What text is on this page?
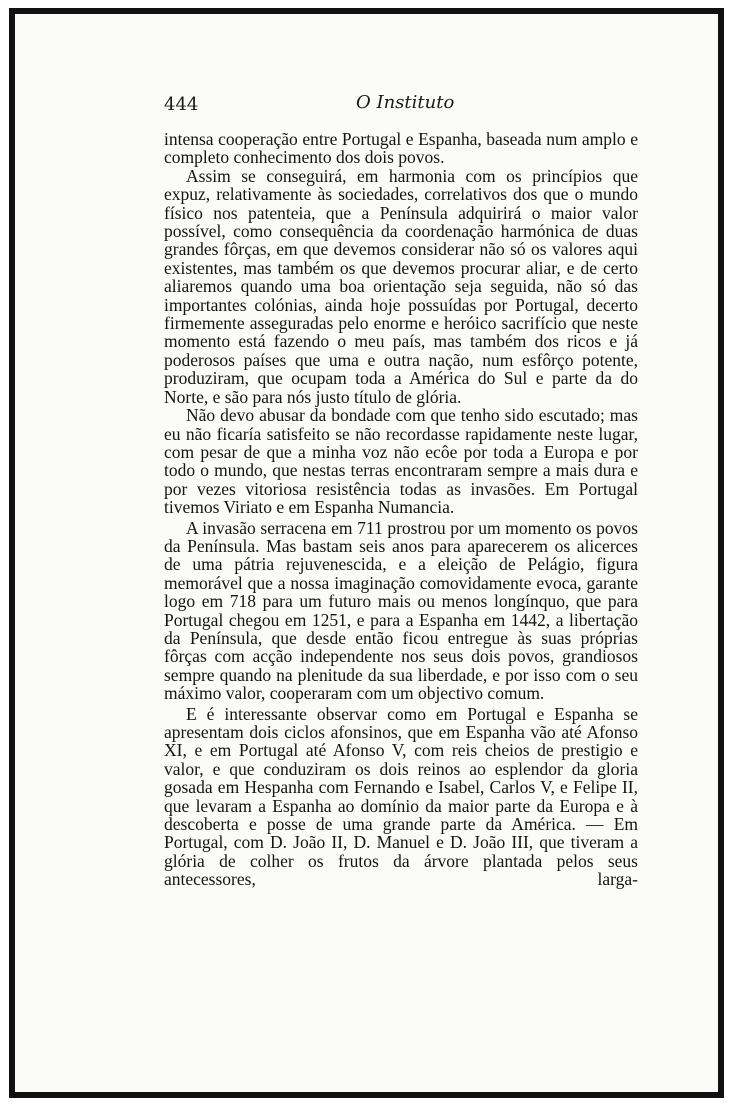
444	O Instituto

intensa cooperação entre Portugal e Espanha, baseada num amplo e completo conhecimento dos dois povos.

Assim se conseguirá, em harmonia com os princípios que expuz, relativamente às sociedades, correlativos dos que o mundo físico nos patenteia, que a Península adquirirá o maior valor possível, como consequência da coordenação harmónica de duas grandes fôrças, em que devemos considerar não só os valores aqui existentes, mas também os que devemos procurar aliar, e de certo aliaremos quando uma boa orientação seja seguida, não só das importantes colónias, ainda hoje possuídas por Portugal, decerto firmemente asseguradas pelo enorme e heróico sacrifício que neste momento está fazendo o meu país, mas também dos ricos e já poderosos países que uma e outra nação, num esfôrço potente, produziram, que ocupam toda a América do Sul e parte da do Norte, e são para nós justo título de glória.

Não devo abusar da bondade com que tenho sido escutado; mas eu não ficaría satisfeito se não recordasse rapidamente neste lugar, com pesar de que a minha voz não ecôe por toda a Europa e por todo o mundo, que nestas terras encontraram sempre a mais dura e por vezes vitoriosa resistência todas as invasões. Em Portugal tivemos Viriato e em Espanha Numancia.

A invasão serracena em 711 prostrou por um momento os povos da Península. Mas bastam seis anos para aparecerem os alicerces de uma pátria rejuvenescida, e a eleição de Pelágio, figura memorável que a nossa imaginação comovidamente evoca, garante logo em 718 para um futuro mais ou menos longínquo, que para Portugal chegou em 1251, e para a Espanha em 1442, a libertação da Península, que desde então ficou entregue às suas próprias fôrças com acção independente nos seus dois povos, grandiosos sempre quando na plenitude da sua liberdade, e por isso com o seu máximo valor, cooperaram com um objectivo comum.

E é interessante observar como em Portugal e Espanha se apresentam dois ciclos afonsinos, que em Espanha vão até Afonso XI, e em Portugal até Afonso V, com reis cheios de prestigio e valor, e que conduziram os dois reinos ao esplendor da gloria gosada em Hespanha com Fernando e Isabel, Carlos V, e Felipe II, que levaram a Espanha ao domínio da maior parte da Europa e à descoberta e posse de uma grande parte da América. — Em Portugal, com D. João II, D. Manuel e D. João III, que tiveram a glória de colher os frutos da árvore plantada pelos seus antecessores, larga-
